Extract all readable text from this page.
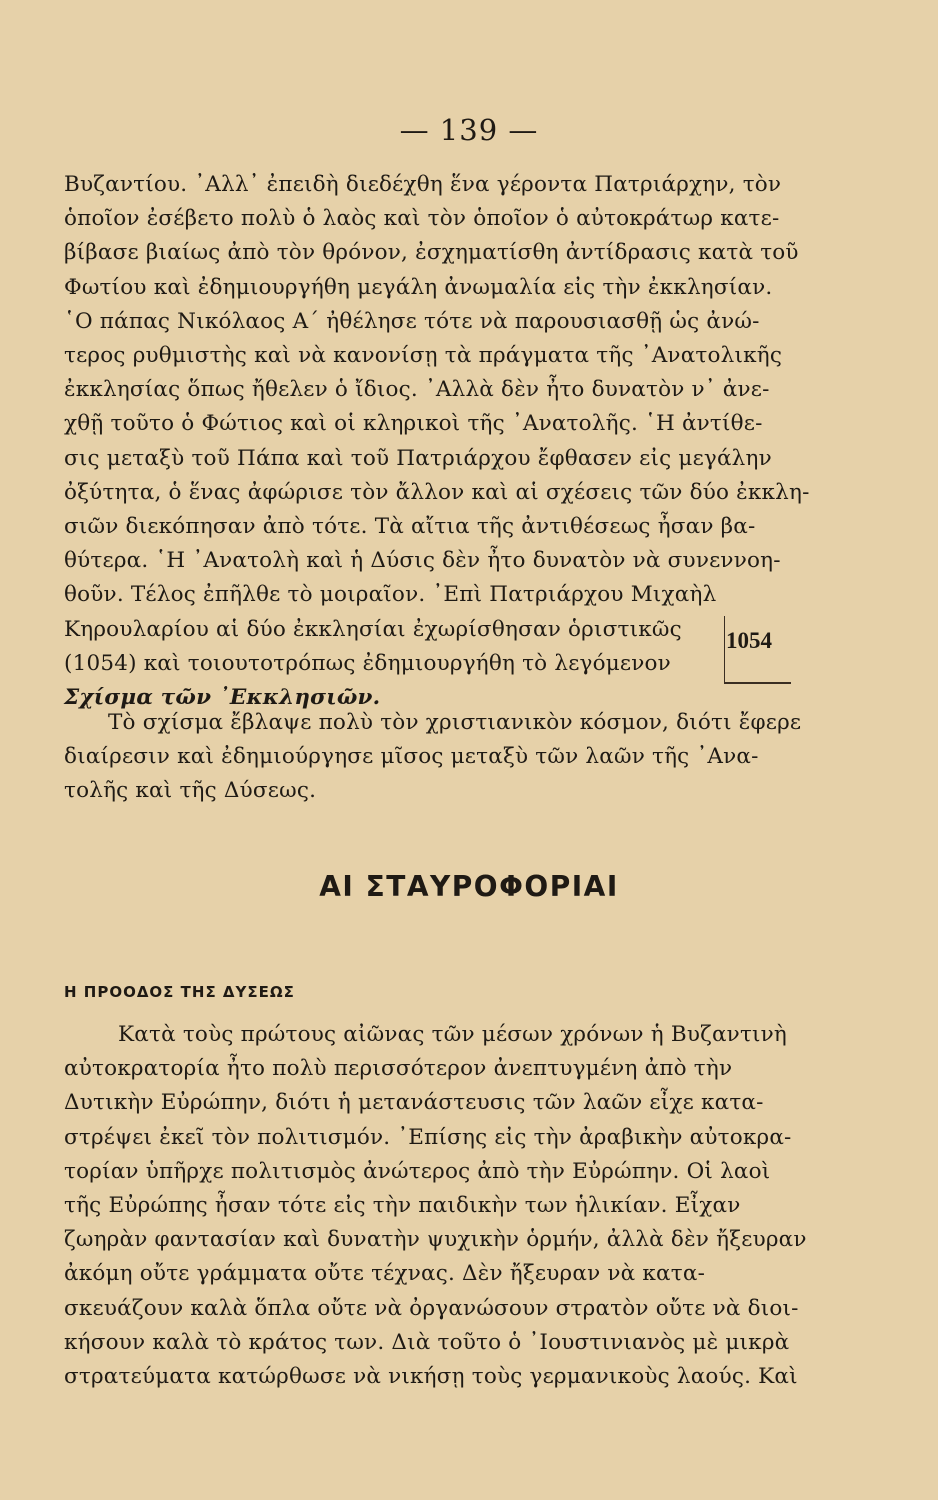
— 139 —
Βυζαντίου. ᾿Αλλ᾿ ἐπειδὴ διεδέχθη ἕνα γέροντα Πατριάρχην, τὸν
ὁποῖον ἐσέβετο πολὺ ὁ λαὸς καὶ τὸν ὁποῖον ὁ αὐτοκράτωρ κατε-
βίβασε βιαίως ἀπὸ τὸν θρόνον, ἐσχηματίσθη ἀντίδρασις κατὰ τοῦ
Φωτίου καὶ ἐδημιουργήθη μεγάλη ἀνωμαλία εἰς τὴν ἐκκλησίαν.
῾Ο πάπας Νικόλαος Α΄ ἠθέλησε τότε νὰ παρουσιασθῇ ὡς ἀνώ-
τερος ρυθμιστὴς καὶ νὰ κανονίσῃ τὰ πράγματα τῆς ᾿Ανατολικῆς
ἐκκλησίας ὅπως ἤθελεν ὁ ἴδιος. ᾿Αλλὰ δὲν ἦτο δυνατὸν ν᾿ ἀνε-
χθῇ τοῦτο ὁ Φώτιος καὶ οἱ κληρικοὶ τῆς ᾿Ανατολῆς. ῾Η ἀντίθε-
σις μεταξὺ τοῦ Πάπα καὶ τοῦ Πατριάρχου ἔφθασεν εἰς μεγάλην
ὀξύτητα, ὁ ἕνας ἀφώρισε τὸν ἄλλον καὶ αἱ σχέσεις τῶν δύο ἐκκλη-
σιῶν διεκόπησαν ἀπὸ τότε. Τὰ αἴτια τῆς ἀντιθέσεως ἦσαν βα-
θύτερα. ῾Η ᾿Ανατολὴ καὶ ἡ Δύσις δὲν ἦτο δυνατὸν νὰ συνεννοη-
θοῦν. Τέλος ἐπῆλθε τὸ μοιραῖον. ᾿Επὶ Πατριάρχου Μιχαὴλ
Κηρουλαρίου αἱ δύο ἐκκλησίαι ἐχωρίσθησαν ὁριστικῶς
(1054) καὶ τοιουτοτρόπως ἐδημιουργήθη τὸ λεγόμενον
Σχίσμα τῶν ᾿Εκκλησιῶν.
1054
Τὸ σχίσμα ἔβλαψε πολὺ τὸν χριστιανικὸν κόσμον, διότι ἔφερε
διαίρεσιν καὶ ἐδημιούργησε μῖσος μεταξὺ τῶν λαῶν τῆς ᾿Ανα-
τολῆς καὶ τῆς Δύσεως.
ΑΙ ΣΤΑΥΡΟΦΟΡΙΑΙ
Η ΠΡΟΟΔΟΣ ΤΗΣ ΔΥΣΕΩΣ
Κατὰ τοὺς πρώτους αἰῶνας τῶν μέσων χρόνων ἡ Βυζαντινὴ
αὐτοκρατορία ἦτο πολὺ περισσότερον ἀνεπτυγμένη ἀπὸ τὴν
Δυτικὴν Εὐρώπην, διότι ἡ μετανάστευσις τῶν λαῶν εἶχε κατα-
στρέψει ἐκεῖ τὸν πολιτισμόν. ᾿Επίσης εἰς τὴν ἀραβικὴν αὐτοκρα-
τορίαν ὑπῆρχε πολιτισμὸς ἀνώτερος ἀπὸ τὴν Εὐρώπην. Οἱ λαοὶ
τῆς Εὐρώπης ἦσαν τότε εἰς τὴν παιδικὴν των ἡλικίαν. Εἶχαν
ζωηρὰν φαντασίαν καὶ δυνατὴν ψυχικὴν ὁρμήν, ἀλλὰ δὲν ἤξευραν
ἀκόμη οὔτε γράμματα οὔτε τέχνας. Δὲν ἤξευραν νὰ κατα-
σκευάζουν καλὰ ὅπλα οὔτε νὰ ὀργανώσουν στρατὸν οὔτε νὰ διοι-
κήσουν καλὰ τὸ κράτος των. Διὰ τοῦτο ὁ ᾿Ιουστινιανὸς μὲ μικρὰ
στρατεύματα κατώρθωσε νὰ νικήσῃ τοὺς γερμανικοὺς λαούς. Καὶ
